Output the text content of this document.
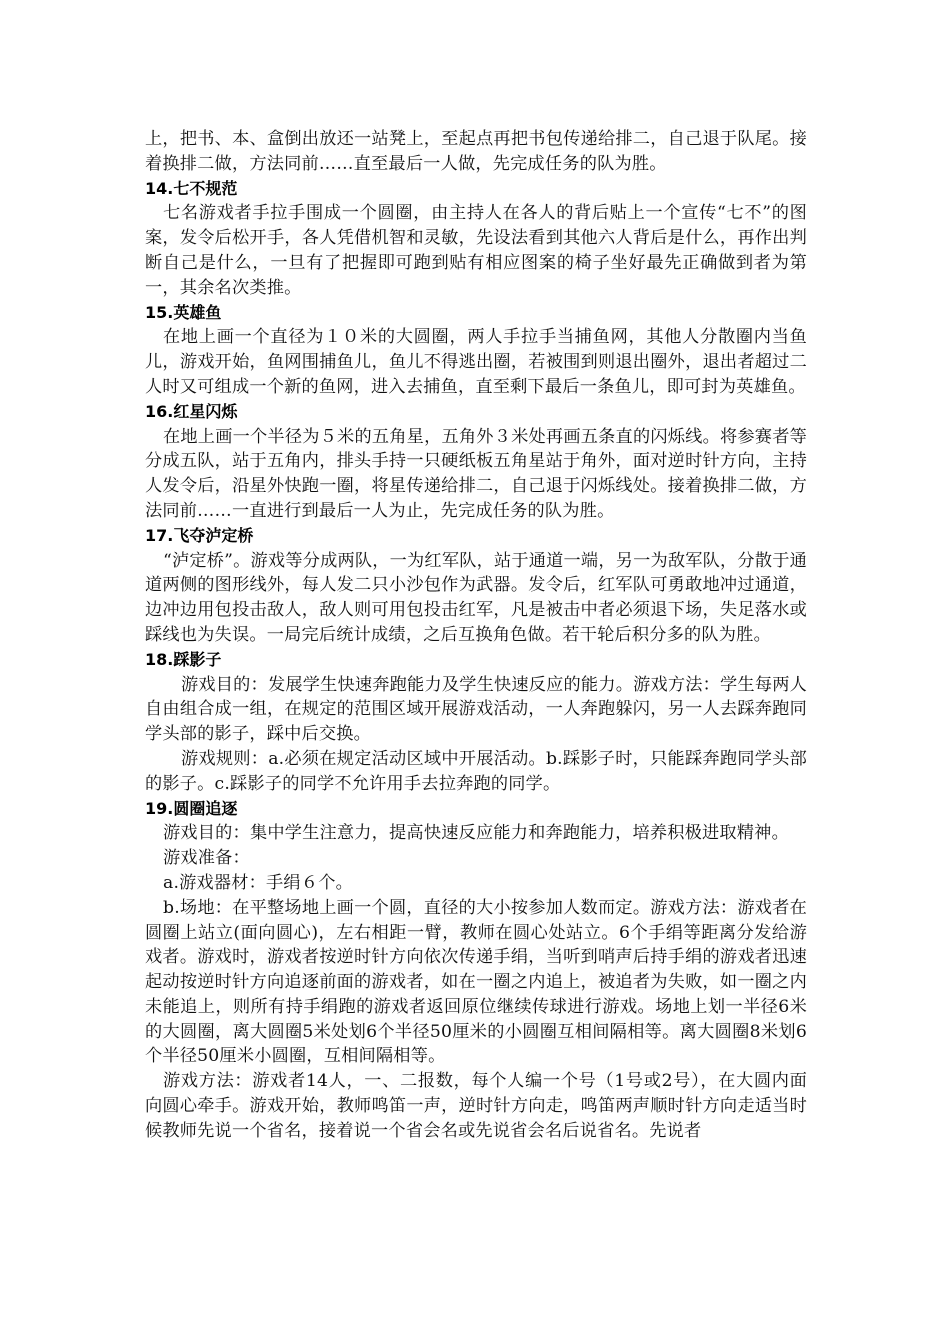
上，把书、本、盒倒出放还一站凳上，至起点再把书包传递给排二，自己退于队尾。接着换排二做，方法同前……直至最后一人做，先完成任务的队为胜。

14.七不规范

七名游戏者手拉手围成一个圆圈，由主持人在各人的背后贴上一个宣传“七不”的图案，发令后松开手，各人凭借机智和灵敏，先设法看到其他六人背后是什么，再作出判断自己是什么，一旦有了把握即可跑到贴有相应图案的椅子坐好最先正确做到者为第一，其余名次类推。

15.英雄鱼

在地上画一个直径为１０米的大圆圈，两人手拉手当捕鱼网，其他人分散圈内当鱼儿，游戏开始，鱼网围捕鱼儿，鱼儿不得逃出圈，若被围到则退出圈外，退出者超过二人时又可组成一个新的鱼网，进入去捕鱼，直至剩下最后一条鱼儿，即可封为英雄鱼。

16.红星闪烁

在地上画一个半径为５米的五角星，五角外３米处再画五条直的闪烁线。将参赛者等分成五队，站于五角内，排头手持一只硬纸板五角星站于角外，面对逆时针方向，主持人发令后，沿星外快跑一圈，将星传递给排二，自己退于闪烁线处。接着换排二做，方法同前……一直进行到最后一人为止，先完成任务的队为胜。

17.飞夺泸定桥

“泸定桥”。游戏等分成两队，一为红军队，站于通道一端，另一为敌军队，分散于通道两侧的图形线外，每人发二只小沙包作为武器。发令后，红军队可勇敢地冲过通道，边冲边用包投击敌人，敌人则可用包投击红军，凡是被击中者必须退下场，失足落水或踩线也为失误。一局完后统计成绩，之后互换角色做。若干轮后积分多的队为胜。

18.踩影子

游戏目的：发展学生快速奔跑能力及学生快速反应的能力。游戏方法：学生每两人自由组合成一组，在规定的范围区域开展游戏活动，一人奔跑躲闪，另一人去踩奔跑同学头部的影子，踩中后交换。

游戏规则：a.必须在规定活动区域中开展活动。b.踩影子时，只能踩奔跑同学头部的影子。c.踩影子的同学不允许用手去拉奔跑的同学。

19.圆圈追逐

游戏目的：集中学生注意力，提高快速反应能力和奔跑能力，培养积极进取精神。

游戏准备：

a.游戏器材：手绢６个。

b.场地：在平整场地上画一个圆，直径的大小按参加人数而定。游戏方法：游戏者在圆圈上站立(面向圆心)，左右相距一臂，教师在圆心处站立。6个手绢等距离分发给游戏者。游戏时，游戏者按逆时针方向依次传递手绢，当听到哨声后持手绢的游戏者迅速起动按逆时针方向追逐前面的游戏者，如在一圈之内追上，被追者为失败，如一圈之内未能追上，则所有持手绢跑的游戏者返回原位继续传球进行游戏。场地上划一半径6米的大圆圈，离大圆圈5米处划6个半径50厘米的小圆圈互相间隔相等。离大圆圈8米划6个半径50厘米小圆圈，互相间隔相等。

游戏方法：游戏者14人，一、二报数，每个人编一个号（1号或2号），在大圆内面向圆心牵手。游戏开始，教师鸣笛一声，逆时针方向走，鸣笛两声顺时针方向走适当时候教师先说一个省名，接着说一个省会名或先说省会名后说省名。先说者
